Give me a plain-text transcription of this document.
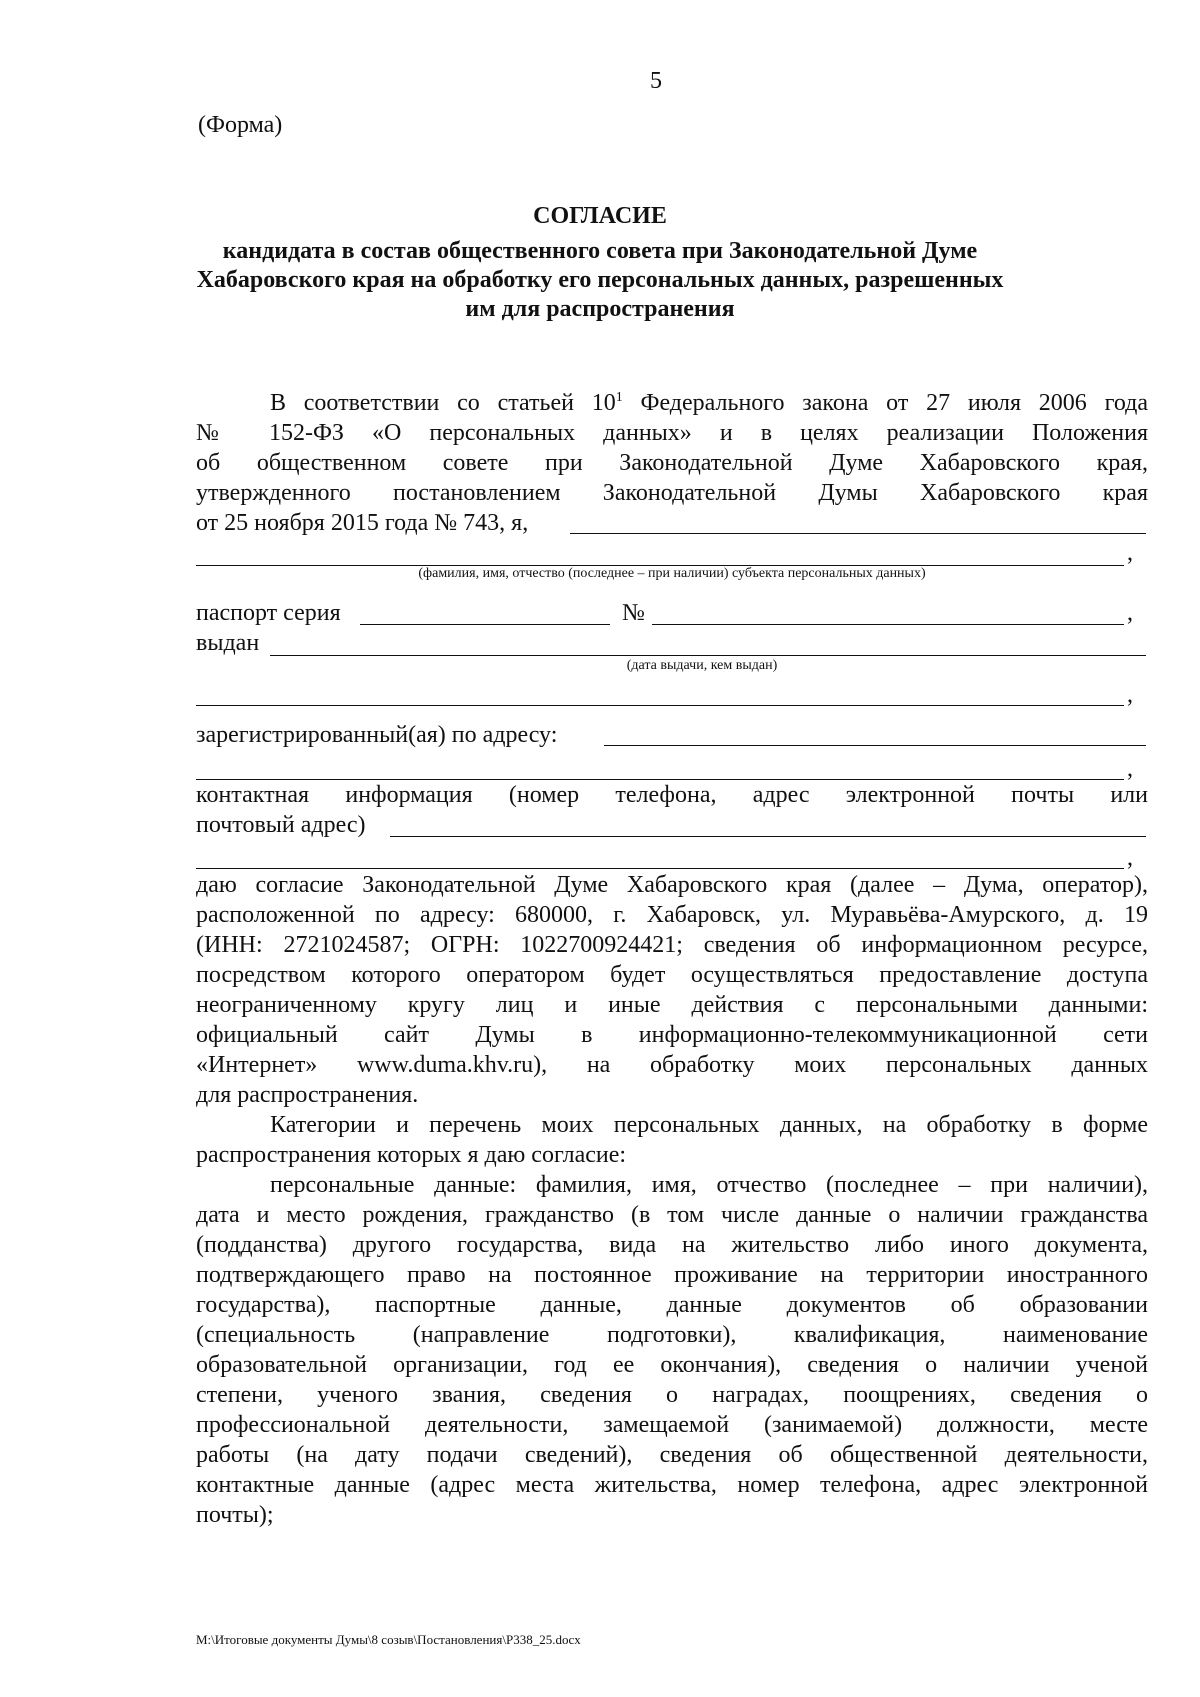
5
(Форма)
СОГЛАСИЕ
кандидата в состав общественного совета при Законодательной Думе
Хабаровского края на обработку его персональных данных, разрешенных
им для распространения
В соответствии со статьей $10^1$ Федерального закона от 27 июля 2006 года
№ 152-ФЗ «О персональных данных» и в целях реализации Положения
об общественном совете при Законодательной Думе Хабаровского края,
утвержденного постановлением Законодательной Думы Хабаровского края
от 25 ноября 2015 года № 743, я,
,
(фамилия, имя, отчество (последнее – при наличии) субъекта персональных данных)
паспорт серия	№	,
выдан
(дата выдачи, кем выдан)
,
зарегистрированный(ая) по адресу:
,
контактная информация (номер телефона, адрес электронной почты или
почтовый адрес)
,
даю согласие Законодательной Думе Хабаровского края (далее – Дума, оператор),
расположенной по адресу: 680000, г. Хабаровск, ул. Муравьёва-Амурского, д. 19
(ИНН: 2721024587; ОГРН: 1022700924421; сведения об информационном ресурсе,
посредством которого оператором будет осуществляться предоставление доступа
неограниченному кругу лиц и иные действия с персональными данными:
официальный сайт Думы в информационно-телекоммуникационной сети
«Интернет» www.duma.khv.ru), на обработку моих персональных данных
для распространения.
Категории и перечень моих персональных данных, на обработку в форме
распространения которых я даю согласие:
персональные данные: фамилия, имя, отчество (последнее – при наличии),
дата и место рождения, гражданство (в том числе данные о наличии гражданства
(подданства) другого государства, вида на жительство либо иного документа,
подтверждающего право на постоянное проживание на территории иностранного
государства), паспортные данные, данные документов об образовании
(специальность (направление подготовки), квалификация, наименование
образовательной организации, год ее окончания), сведения о наличии ученой
степени, ученого звания, сведения о наградах, поощрениях, сведения о
профессиональной деятельности, замещаемой (занимаемой) должности, месте
работы (на дату подачи сведений), сведения об общественной деятельности,
контактные данные (адрес места жительства, номер телефона, адрес электронной
почты);
M:\Итоговые документы Думы\8 созыв\Постановления\Р338_25.docx
